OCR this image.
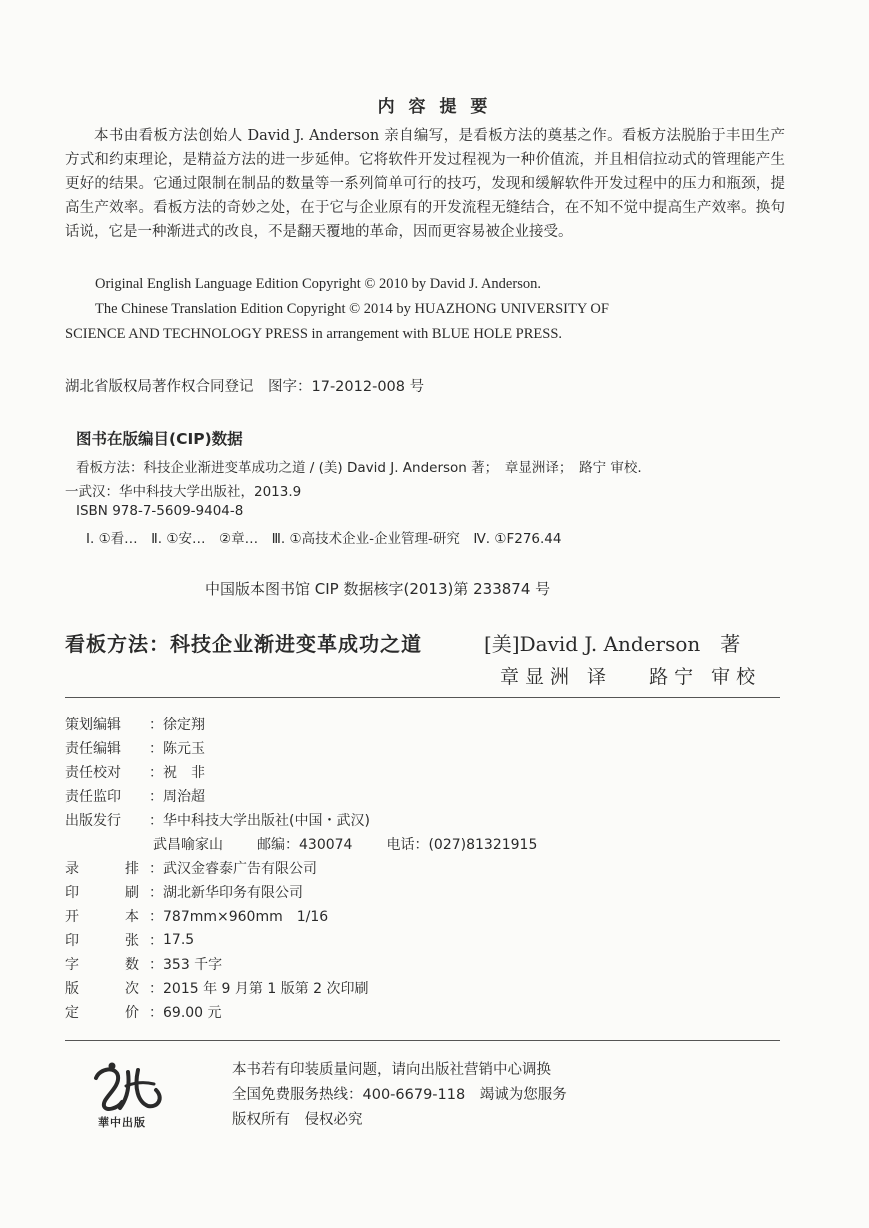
内 容 提 要
本书由看板方法创始人 David J. Anderson 亲自编写，是看板方法的奠基之作。看板方法脱胎于丰田生产方式和约束理论，是精益方法的进一步延伸。它将软件开发过程视为一种价值流，并且相信拉动式的管理能产生更好的结果。它通过限制在制品的数量等一系列简单可行的技巧，发现和缓解软件开发过程中的压力和瓶颈，提高生产效率。看板方法的奇妙之处，在于它与企业原有的开发流程无缝结合，在不知不觉中提高生产效率。换句话说，它是一种渐进式的改良，不是翻天覆地的革命，因而更容易被企业接受。
Original English Language Edition Copyright © 2010 by David J. Anderson.
The Chinese Translation Edition Copyright © 2014 by HUAZHONG UNIVERSITY OF
SCIENCE AND TECHNOLOGY PRESS in arrangement with BLUE HOLE PRESS.
湖北省版权局著作权合同登记　图字：17-2012-008 号
图书在版编目(CIP)数据
看板方法：科技企业渐进变革成功之道 / (美) David J. Anderson 著；　章显洲译；　路宁 审校.
一武汉：华中科技大学出版社，2013.9
ISBN 978-7-5609-9404-8
Ⅰ. ①看…　Ⅱ. ①安…　②章…　Ⅲ. ①高技术企业-企业管理-研究　Ⅳ. ①F276.44
中国版本图书馆 CIP 数据核字(2013)第 233874 号
看板方法：科技企业渐进变革成功之道	[美]David J. Anderson　著
章显洲 译　 路宁 审校
策划编辑	： 徐定翔
责任编辑	： 陈元玉
责任校对	： 祝　非
责任监印	： 周治超
出版发行	： 华中科技大学出版社(中国・武汉)
武昌喻家山 邮编：430074 电话：(027)81321915
录	排 ： 武汉金睿泰广告有限公司
印	刷 ： 湖北新华印务有限公司
开	本 ： 787mm×960mm　1/16
印	张 ： 17.5
字	数 ： 353 千字
版	次 ： 2015 年 9 月第 1 版第 2 次印刷
定	价 ： 69.00 元
華中出版
本书若有印装质量问题，请向出版社营销中心调换
全国免费服务热线：400-6679-118　竭诚为您服务
版权所有　侵权必究
